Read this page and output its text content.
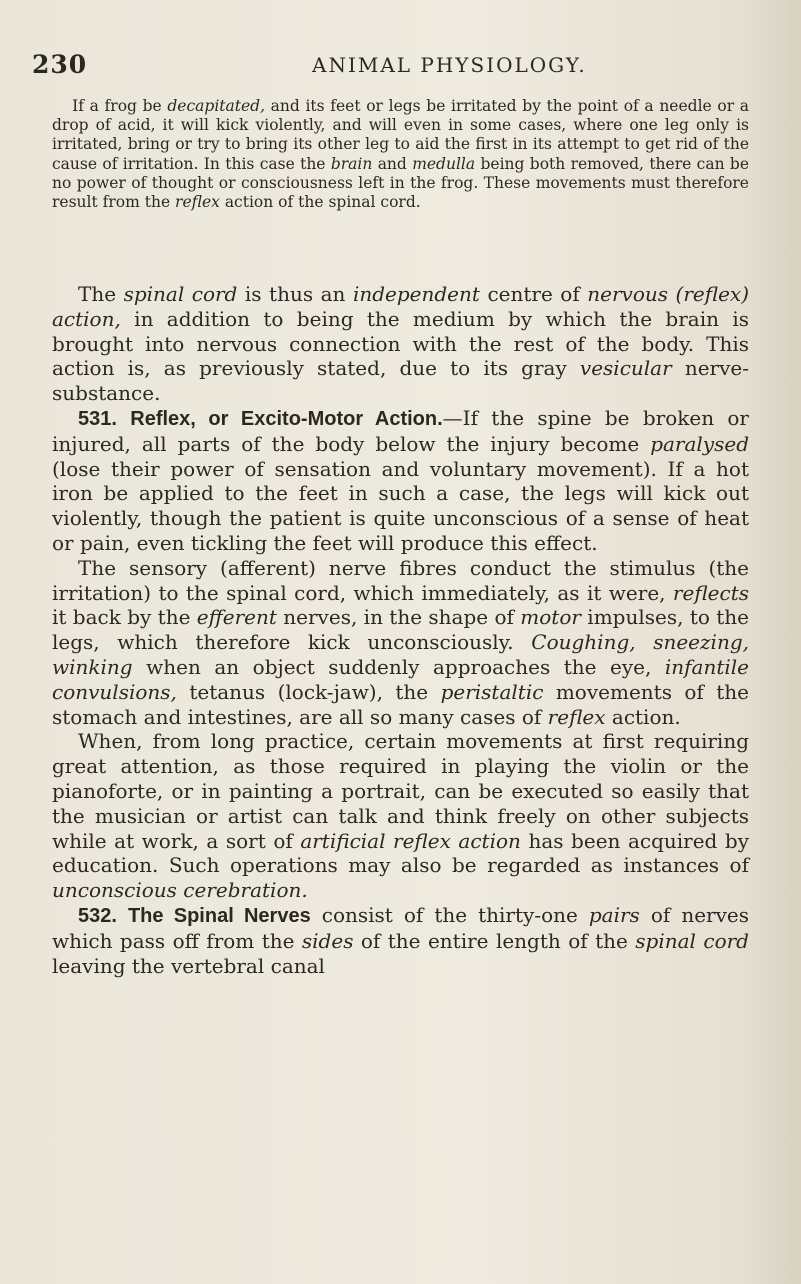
230	ANIMAL PHYSIOLOGY.

If a frog be decapitated, and its feet or legs be irritated by the point of a needle or a drop of acid, it will kick violently, and will even in some cases, where one leg only is irritated, bring or try to bring its other leg to aid the first in its attempt to get rid of the cause of irritation. In this case the brain and medulla being both removed, there can be no power of thought or consciousness left in the frog. These movements must therefore result from the reflex action of the spinal cord.

The spinal cord is thus an independent centre of nervous (reflex) action, in addition to being the medium by which the brain is brought into nervous connection with the rest of the body. This action is, as previously stated, due to its gray vesicular nerve-substance.

531. Reflex, or Excito-Motor Action.—If the spine be broken or injured, all parts of the body below the injury become paralysed (lose their power of sensation and voluntary movement). If a hot iron be applied to the feet in such a case, the legs will kick out violently, though the patient is quite unconscious of a sense of heat or pain, even tickling the feet will produce this effect.

The sensory (afferent) nerve fibres conduct the stimulus (the irritation) to the spinal cord, which immediately, as it were, reflects it back by the efferent nerves, in the shape of motor impulses, to the legs, which therefore kick unconsciously. Coughing, sneezing, winking when an object suddenly approaches the eye, infantile convulsions, tetanus (lock-jaw), the peristaltic movements of the stomach and intestines, are all so many cases of reflex action.

When, from long practice, certain movements at first requiring great attention, as those required in playing the violin or the pianoforte, or in painting a portrait, can be executed so easily that the musician or artist can talk and think freely on other subjects while at work, a sort of artificial reflex action has been acquired by education. Such operations may also be regarded as instances of unconscious cerebration.

532. The Spinal Nerves consist of the thirty-one pairs of nerves which pass off from the sides of the entire length of the spinal cord leaving the vertebral canal
